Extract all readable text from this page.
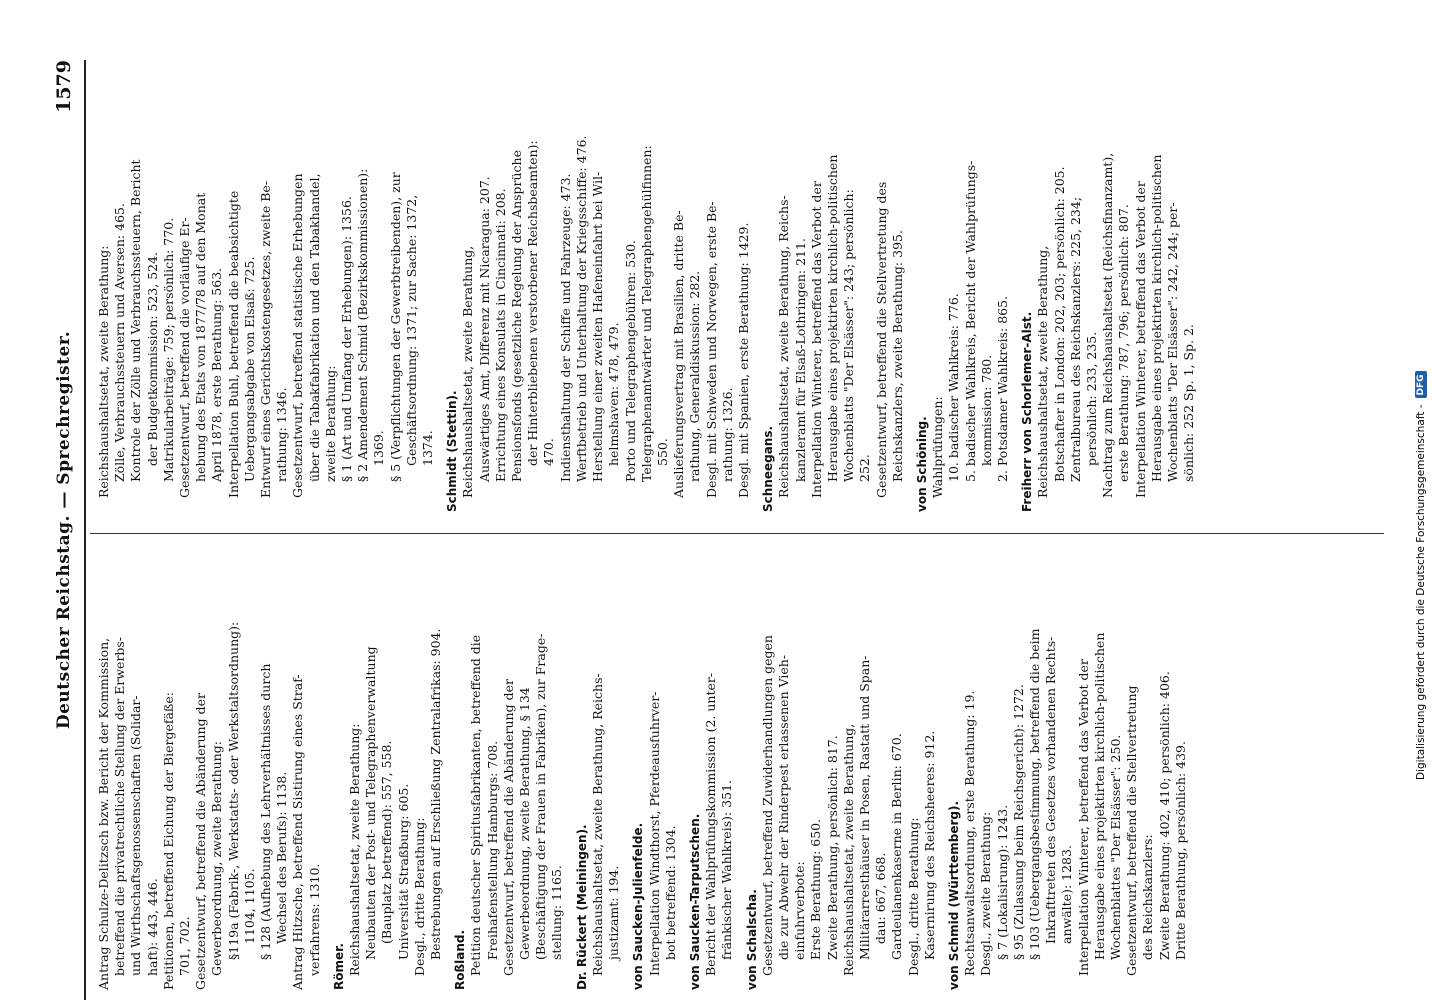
Deutscher Reichstag. — Sprechregister.
1579
Antrag Schulze-Delitzsch bzw. Bericht der Kommission, betreffend die privatrechtliche Stellung der Erwerbs- und Wirthschaftsgenossenschaften (Solidar- haft): 443, 446. Petitionen, betreffend Eichung der Biergefäße: 701, 702. Gesetzentwurf, betreffend die Abänderung der Gewerbeordnung, zweite Berathung: §119a (Fabrik-, Werkstatts- oder Werkstaltsordnung): 1104, 1105. § 128 (Aufhebung des Lehrverhältnisses durch Wechsel des Berufs): 1138. Antrag Hitzsche, betreffend Sistirung eines Straf- verfahrens: 1310. Römer. Reichshaushaltsetat, zweite Berathung: Neubauten der Post- und Telegraphenverwaltung (Bauplatz betreffend): 557, 558. Universität Straßburg: 605. Desgl., dritte Berathung: Bestrebungen auf Erschließung Zentralafrikas: 904. Roßland. Petition deutscher Spiritusfabrikanten, betreffend die Freihafenstellung Hamburgs: 708. Gesetzentwurf, betreffend die Abänderung der Gewerbeordnung, zweite Berathung, § 134 (Beschäftigung der Frauen in Fabriken), zur Frage- stellung: 1165. Dr. Rückert (Meiningen). Reichshaushaltsetat, zweite Berathung, Reichs- justizamt: 194. von Saucken-Julienfelde. Interpellation Windthorst, Pferdeausfuhrver- bot betreffend: 1304. von Saucken-Tarputschen. Bericht der Wahlprüfungskommission (2. unter- fränkischer Wahlkreis): 351. von Schalscha. Gesetzentwurf, betreffend Zuwiderhandlungen gegen die zur Abwehr der Rinderpest erlassenen Vieh- einfuhrverbote: Erste Berathung: 650. Zweite Berathung, persönlich: 817. Reichshaushaltsetat, zweite Berathung, Militärarresthäuser in Posen, Rastatt und Span- dau: 667, 668. Gardeulanenkaserne in Berlin: 670. Desgl., dritte Berathung: Kasernirung des Reichsheeres: 912. von Schmid (Württemberg). Rechtsanwaltsordnung, erste Berathung: 19. Desgl., zweite Berathung: § 7 (Lokalisirung): 1243. § 95 (Zulassung beim Reichsgericht): 1272. § 103 (Uebergangsbestimmung, betreffend die beim Inkrafttreten des Gesetzes vorhandenen Rechts- anwälte): 1283. Interpellation Winterer, betreffend das Verbot der Herausgabe eines projektirten kirchlich-politischen Wochenblattes "Der Elsässer": 250. Gesetzentwurf, betreffend die Stellvertretung des Reichskanzlers: Zweite Berathung: 402, 410; persönlich: 406. Dritte Berathung, persönlich: 439.
Reichshaushaltsetat, zweite Berathung: Zölle, Verbrauchssteuern und Aversen: 465. Kontrole der Zölle und Verbrauchssteuern, Bericht der Budgetkommission: 523, 524. Matrikularbeiträge: 759; persönlich: 770. Gesetzentwurf, betreffend die vorläufige Er- hebung des Etats von 1877/78 auf den Monat April 1878, erste Berathung: 563. Interpellation Buhl, betreffend die beabsichtigte Uebergangsabgabe von Elsaß: 725. Entwurf eines Gerichtskostengesetzes, zweite Be- rathung: 1346. Gesetzentwurf, betreffend statistische Erhebungen über die Tabakfabrikation und den Tabakhandel, zweite Berathung: § 1 (Art und Umfang der Erhebungen): 1356. § 2 Amendement Schmid (Bezirkskommissionen): 1369. § 5 (Verpflichtungen der Gewerbtreibenden), zur Geschäftsordnung: 1371; zur Sache: 1372, 1374. Schmidt (Stettin). Reichshaushaltsetat, zweite Berathung, Auswärtiges Amt, Differenz mit Nicaragua: 207. Errichtung eines Konsulats in Cincinnati: 208. Pensionsfonds (gesetzliche Regelung der Ansprüche der Hinterbliebenen verstorbener Reichsbeamten): 470. Indiensthaltung der Schiffe und Fahrzeuge: 473. Werftbetrieb und Unterhaltung der Kriegsschiffe: 476. Herstellung einer zweiten Hafeneinfahrt bei Wil- helmshaven: 478, 479. Porto und Telegraphengebühren: 530. Telegraphenamtwärter und Telegraphengehülfinnen: 550. Auslieferungsvertrag mit Brasilien, dritte Be- rathung, Generaldiskussion: 282. Desgl. mit Schweden und Norwegen, erste Be- rathung: 1326. Desgl. mit Spanien, erste Berathung: 1429. Schneegans. Reichshaushaltsetat, zweite Berathung, Reichs- kanzleramt für Elsaß-Lothringen: 211. Interpellation Winterer, betreffend das Verbot der Herausgabe eines projektirten kirchlich-politischen Wochenblatts "Der Elsässer": 243; persönlich: 252. Gesetzentwurf, betreffend die Stellvertretung des Reichskanzlers, zweite Berathung: 395. von Schöning. Wahlprüfungen: 10. badischer Wahlkreis: 776. 5. badischer Wahlkreis, Bericht der Wahlprüfungs- kommission: 780. 2. Potsdamer Wahlkreis: 865. Freiherr von Schorlemer-Alst. Reichshaushaltsetat, zweite Berathung, Botschafter in London: 202, 203; persönlich: 205. Zentralbureau des Reichskanzlers: 225, 234; persönlich: 233, 235. Nachtrag zum Reichshaushaltsetat (Reichsfinanzamt), erste Berathung: 787, 796; persönlich: 807. Interpellation Winterer, betreffend das Verbot der Herausgabe eines projektirten kirchlich-politischen Wochenblatts "Der Elsässer": 242, 244; per- sönlich: 252 Sp. 1, Sp. 2.
Digitalisierung gefördert durch die Deutsche Forschungsgemeinschaft -
DFG
